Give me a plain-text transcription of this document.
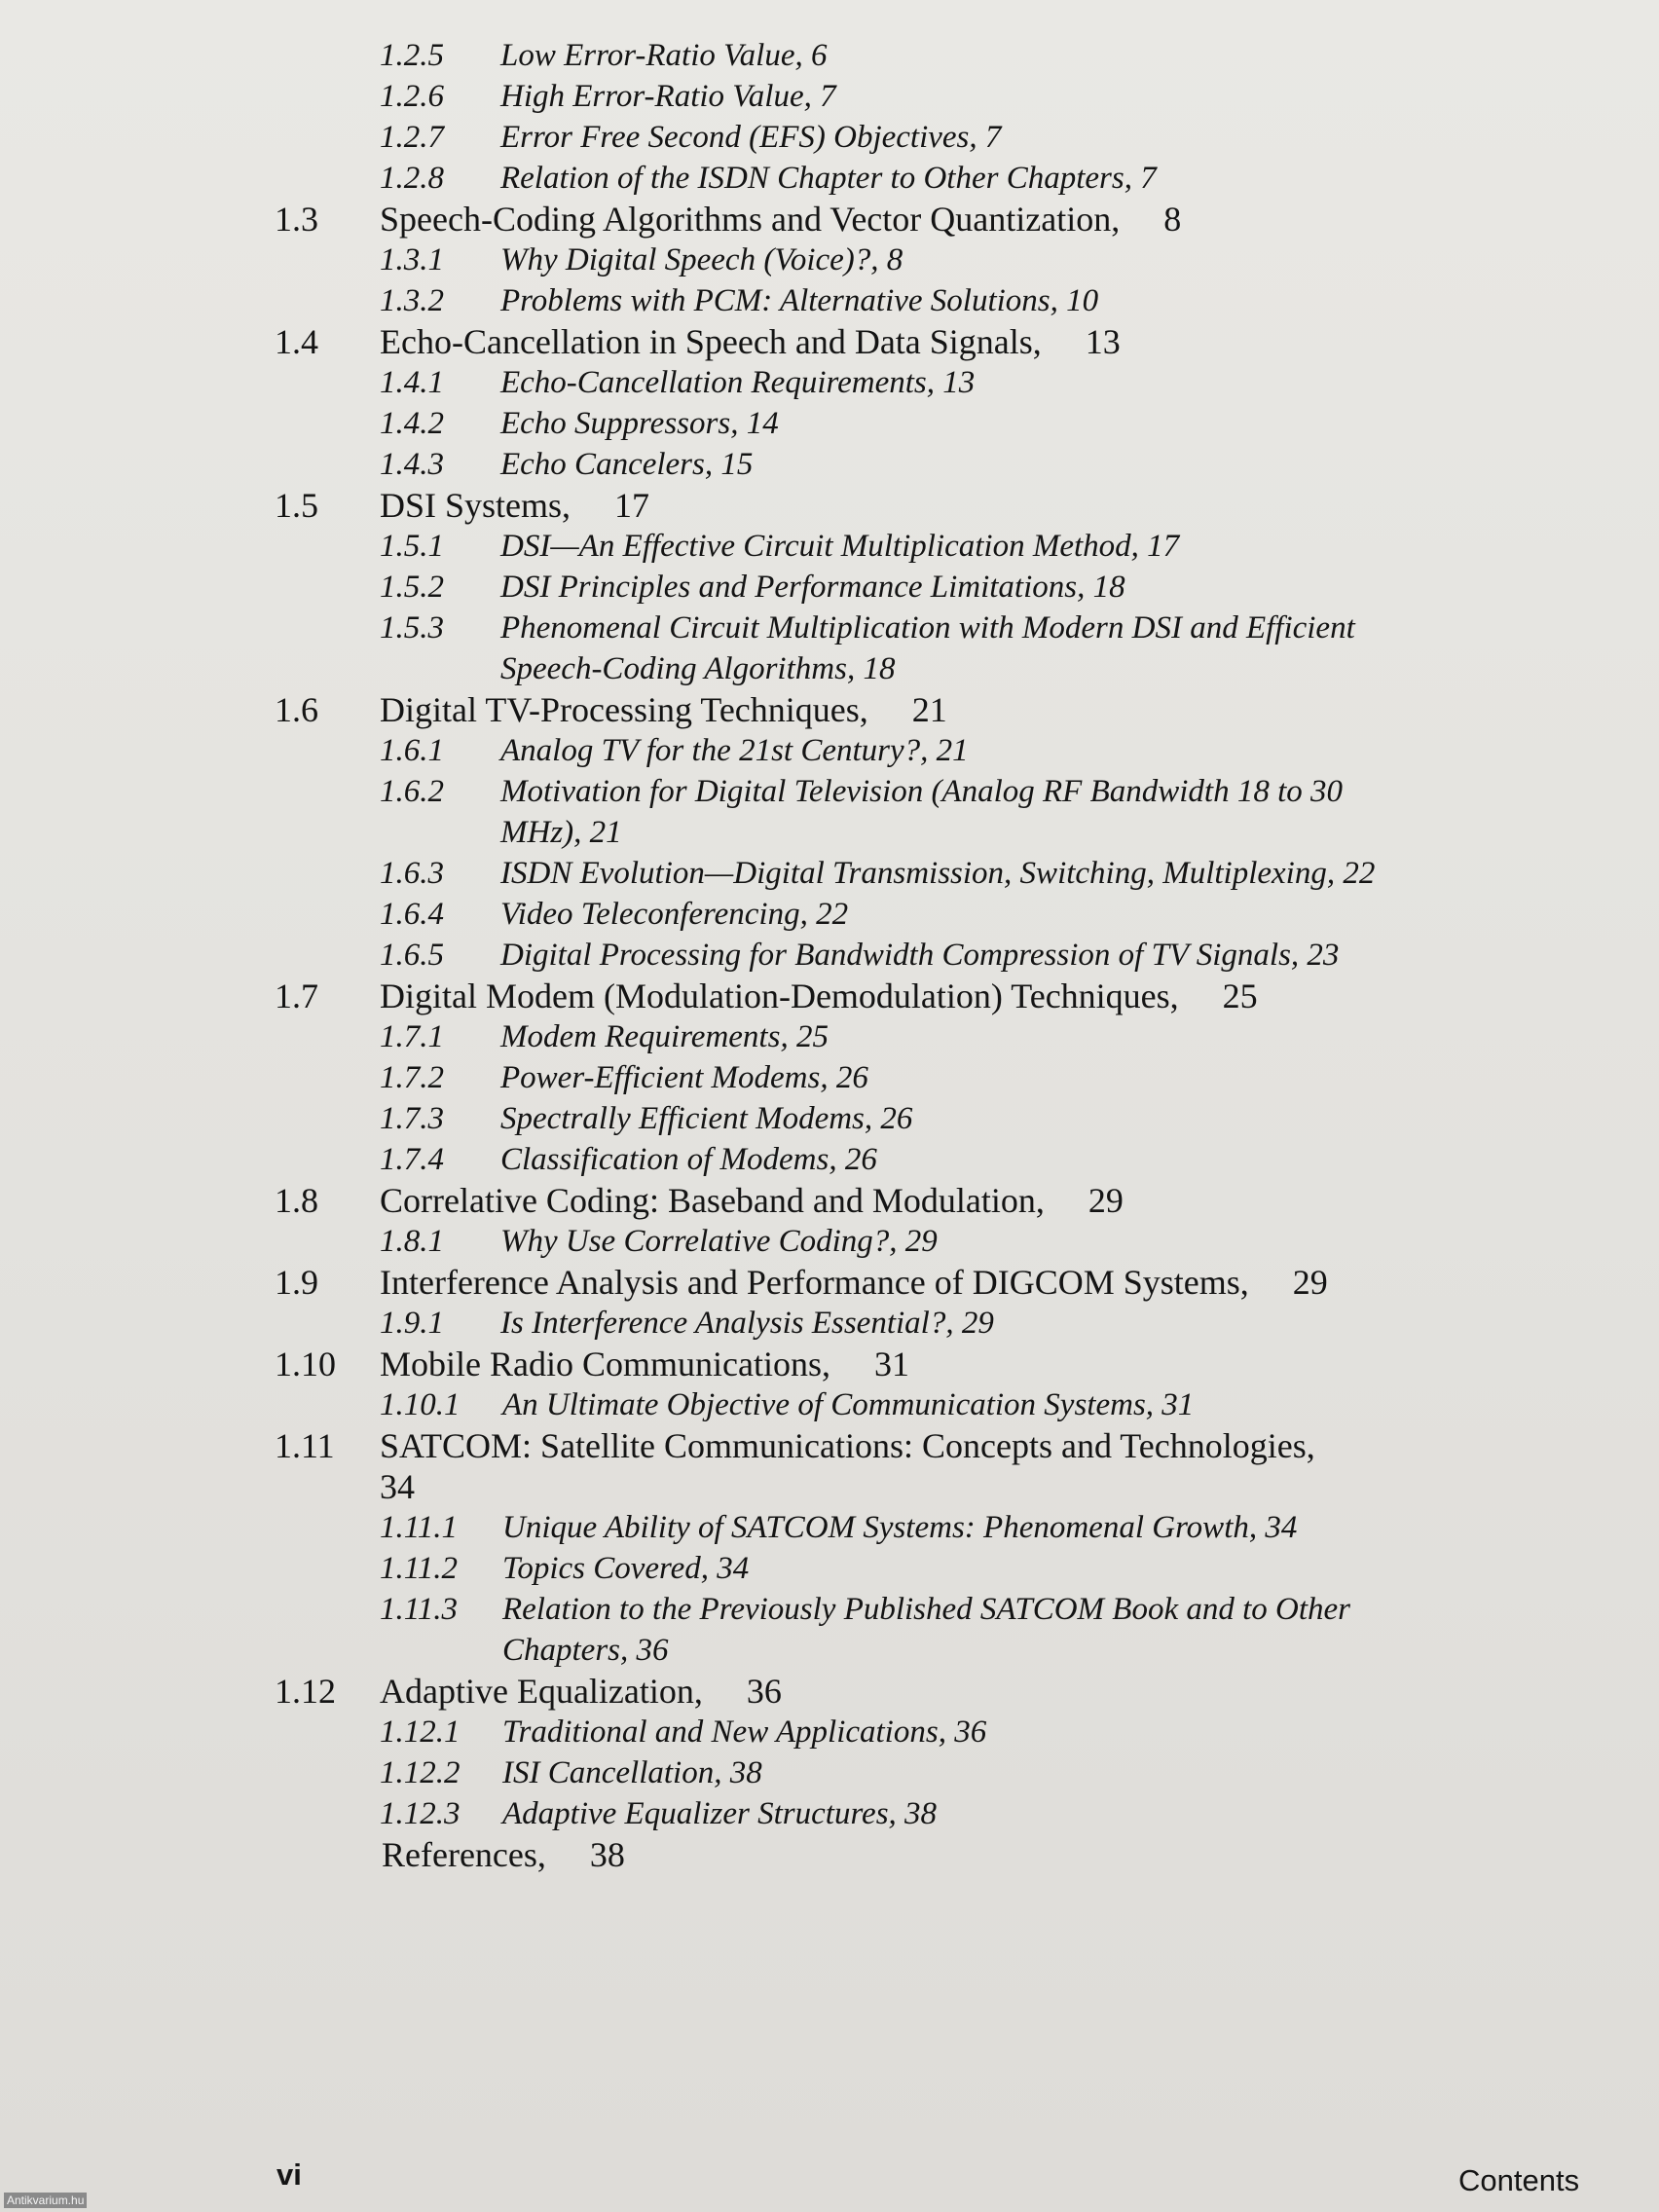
1.2.5 Low Error-Ratio Value, 6
1.2.6 High Error-Ratio Value, 7
1.2.7 Error Free Second (EFS) Objectives, 7
1.2.8 Relation of the ISDN Chapter to Other Chapters, 7
1.3 Speech-Coding Algorithms and Vector Quantization,  8
1.3.1 Why Digital Speech (Voice)?, 8
1.3.2 Problems with PCM: Alternative Solutions, 10
1.4 Echo-Cancellation in Speech and Data Signals,  13
1.4.1 Echo-Cancellation Requirements, 13
1.4.2 Echo Suppressors, 14
1.4.3 Echo Cancelers, 15
1.5 DSI Systems,  17
1.5.1 DSI—An Effective Circuit Multiplication Method, 17
1.5.2 DSI Principles and Performance Limitations, 18
1.5.3 Phenomenal Circuit Multiplication with Modern DSI and Efficient Speech-Coding Algorithms, 18
1.6 Digital TV-Processing Techniques,  21
1.6.1 Analog TV for the 21st Century?, 21
1.6.2 Motivation for Digital Television (Analog RF Bandwidth 18 to 30 MHz), 21
1.6.3 ISDN Evolution—Digital Transmission, Switching, Multiplexing, 22
1.6.4 Video Teleconferencing, 22
1.6.5 Digital Processing for Bandwidth Compression of TV Signals, 23
1.7 Digital Modem (Modulation-Demodulation) Techniques,  25
1.7.1 Modem Requirements, 25
1.7.2 Power-Efficient Modems, 26
1.7.3 Spectrally Efficient Modems, 26
1.7.4 Classification of Modems, 26
1.8 Correlative Coding: Baseband and Modulation,  29
1.8.1 Why Use Correlative Coding?, 29
1.9 Interference Analysis and Performance of DIGCOM Systems,  29
1.9.1 Is Interference Analysis Essential?, 29
1.10 Mobile Radio Communications,  31
1.10.1 An Ultimate Objective of Communication Systems, 31
1.11 SATCOM: Satellite Communications: Concepts and Technologies,  34
1.11.1 Unique Ability of SATCOM Systems: Phenomenal Growth, 34
1.11.2 Topics Covered, 34
1.11.3 Relation to the Previously Published SATCOM Book and to Other Chapters, 36
1.12 Adaptive Equalization,  36
1.12.1 Traditional and New Applications, 36
1.12.2 ISI Cancellation, 38
1.12.3 Adaptive Equalizer Structures, 38
References,  38
vi	Contents
Antikvarium.hu
